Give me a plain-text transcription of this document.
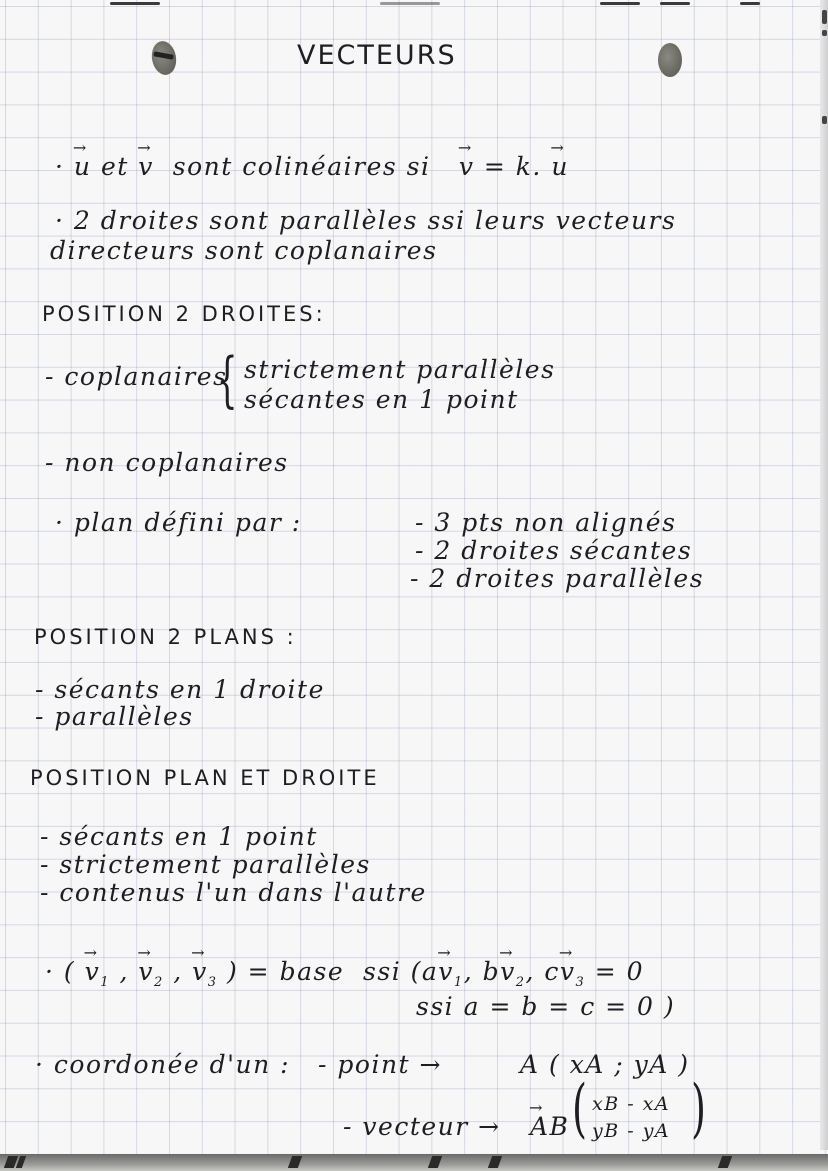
VECTEURS
· → u et → v sont colinéaires si → v = k. → u
· 2 droites sont parallèles ssi leurs vecteurs
directeurs sont coplanaires
POSITION 2 DROITES:
- coplanaires
{ strictement parallèles
sécantes en 1 point
- non coplanaires
· plan défini par :	- 3 pts non alignés
- 2 droites sécantes
- 2 droites parallèles
POSITION 2 PLANS :
- sécants en 1 droite
- parallèles
POSITION PLAN ET DROITE
- sécants en 1 point
- strictement parallèles
- contenus l'un dans l'autre
· ( → $v_1$ , → $v_2$ , → $v_3$ ) = base ssi ($a\to v_1$, $b\to v_2$, $c\to v_3 = 0$
ssi a = b = c = 0 )
· coordonée d'un : - point →	A ( xA ; yA )
- vecteur → → AB ( xB - xA
yB - yA )
